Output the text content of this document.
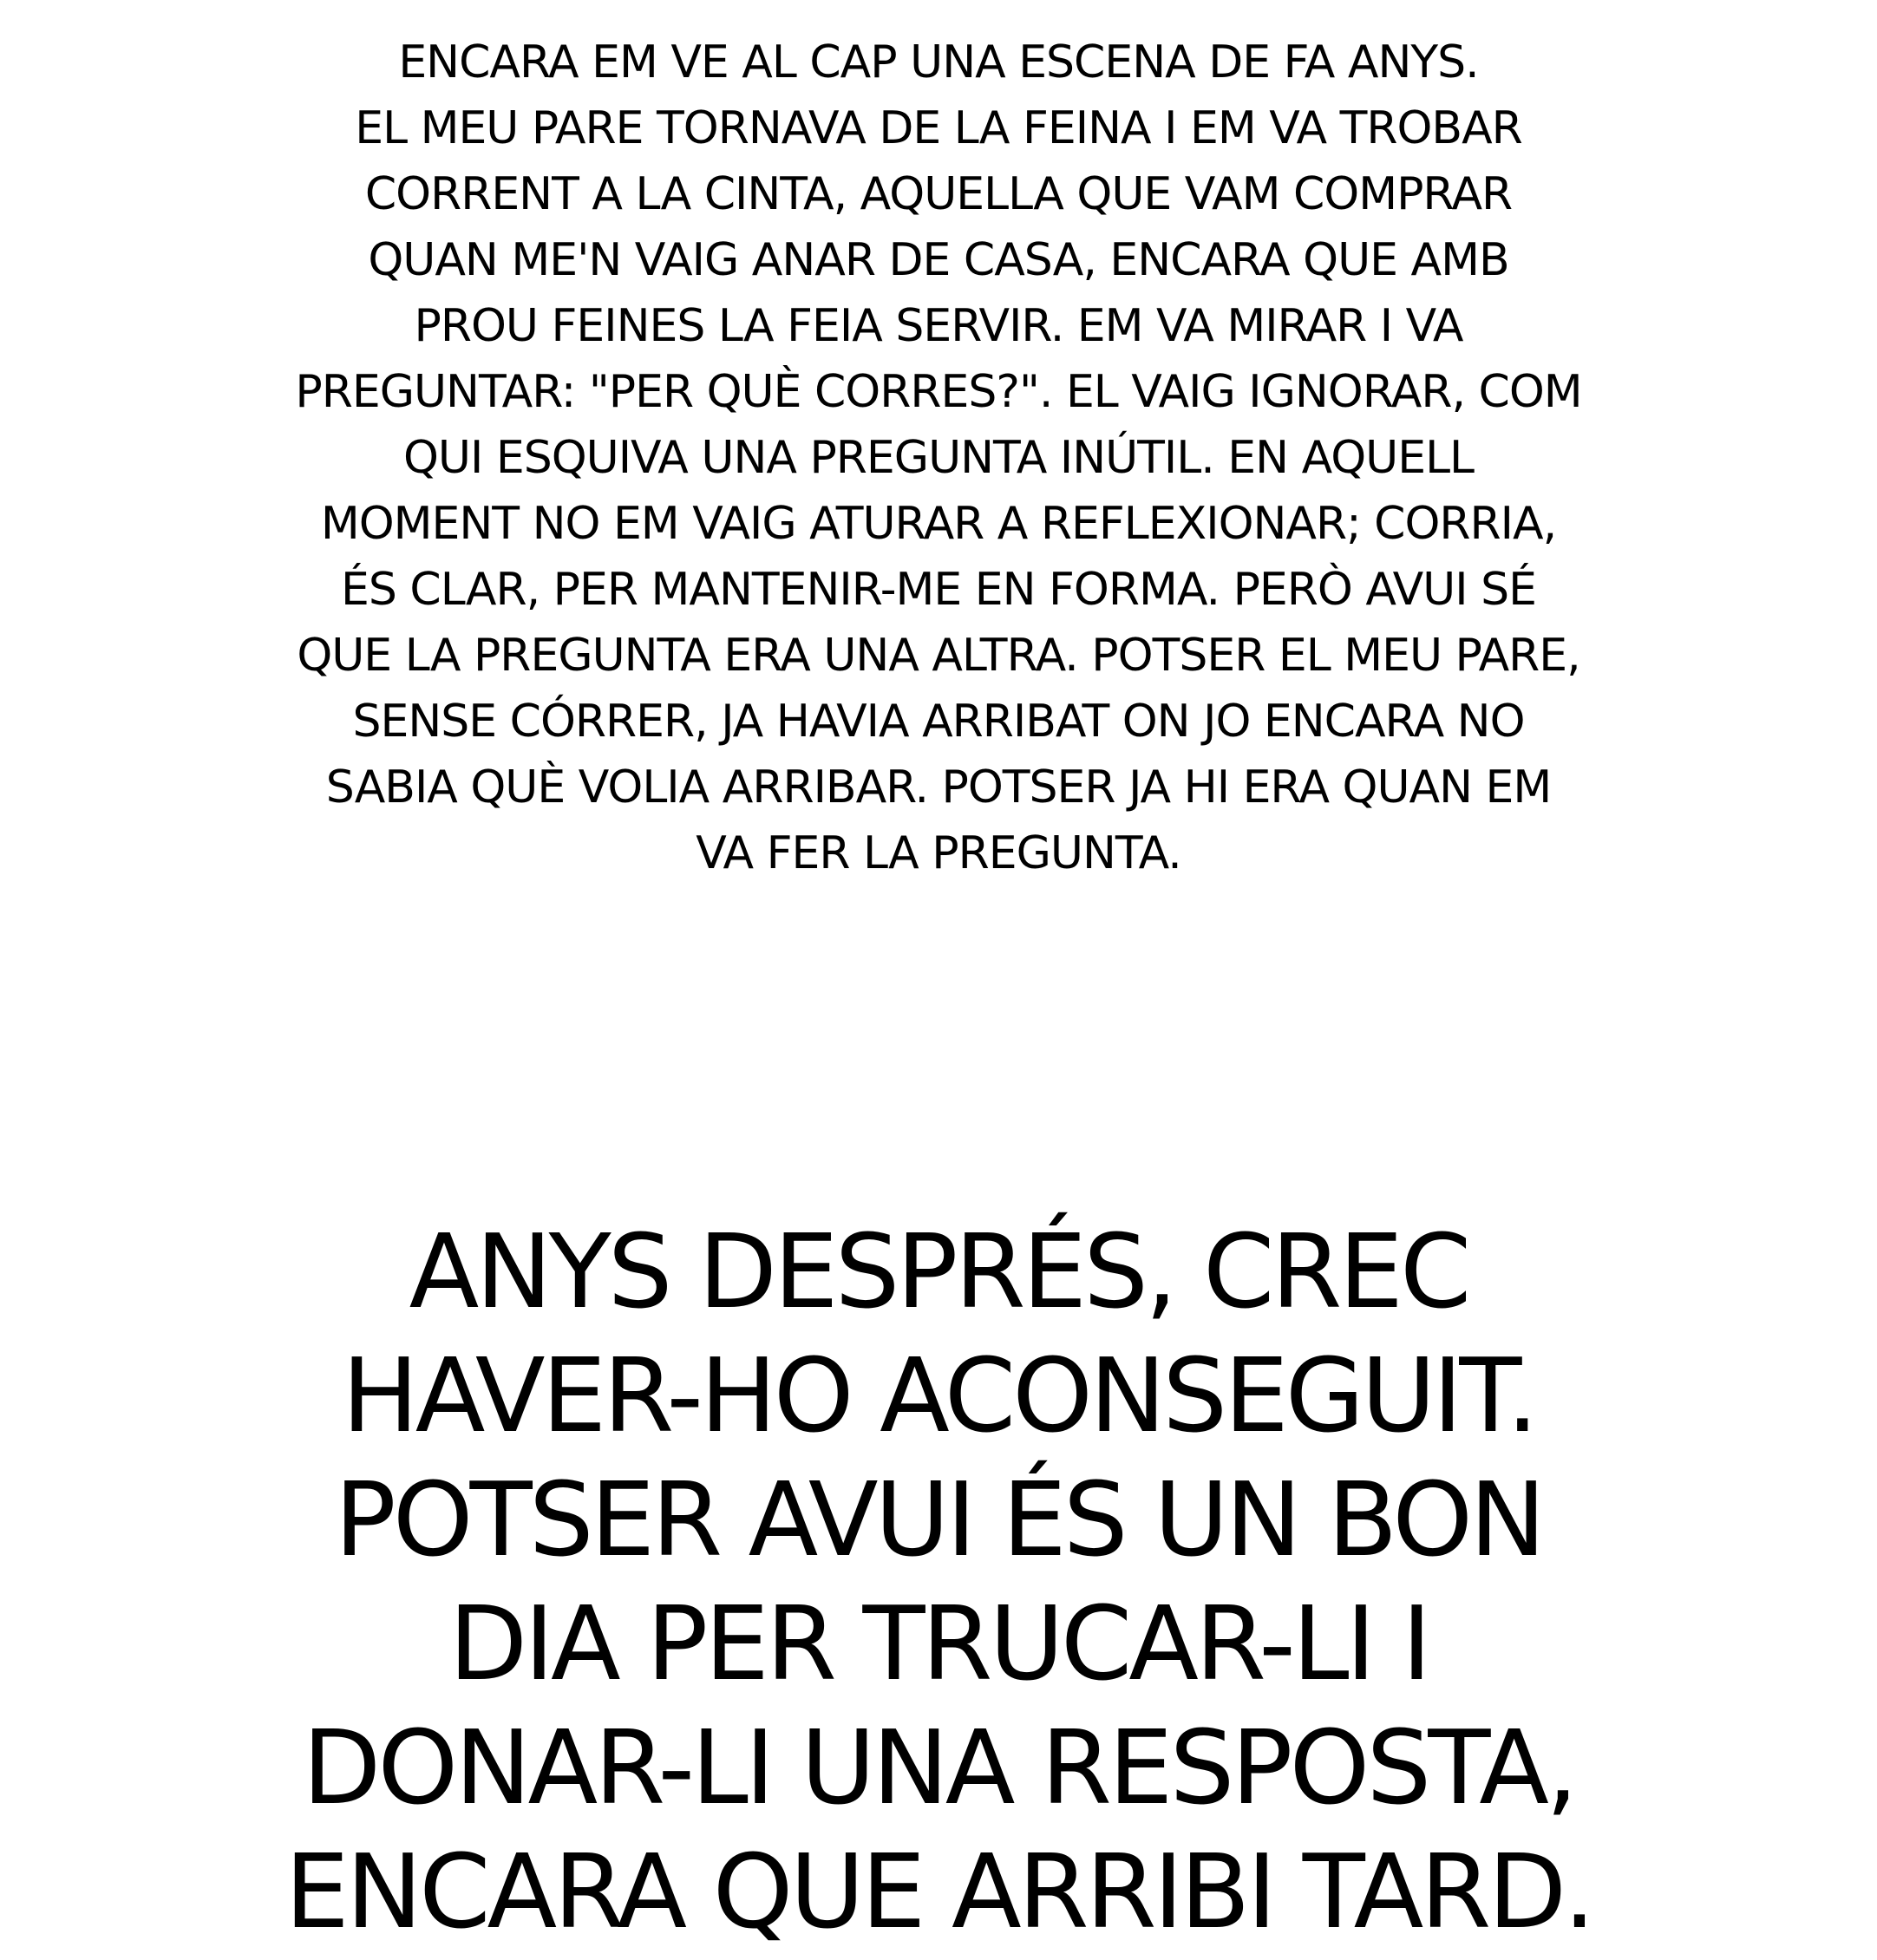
ENCARA EM VE AL CAP UNA ESCENA DE FA ANYS.
EL MEU PARE TORNAVA DE LA FEINA I EM VA TROBAR
CORRENT A LA CINTA, AQUELLA QUE VAM COMPRAR
QUAN ME'N VAIG ANAR DE CASA, ENCARA QUE AMB
PROU FEINES LA FEIA SERVIR. EM VA MIRAR I VA
PREGUNTAR: "PER QUÈ CORRES?". EL VAIG IGNORAR, COM
QUI ESQUIVA UNA PREGUNTA INÚTIL. EN AQUELL
MOMENT NO EM VAIG ATURAR A REFLEXIONAR; CORRIA,
ÉS CLAR, PER MANTENIR-ME EN FORMA. PERÒ AVUI SÉ
QUE LA PREGUNTA ERA UNA ALTRA. POTSER EL MEU PARE,
SENSE CÓRRER, JA HAVIA ARRIBAT ON JO ENCARA NO
SABIA QUÈ VOLIA ARRIBAR. POTSER JA HI ERA QUAN EM
VA FER LA PREGUNTA.

ANYS DESPRÉS, CREC
HAVER-HO ACONSEGUIT.
POTSER AVUI ÉS UN BON
DIA PER TRUCAR-LI I
DONAR-LI UNA RESPOSTA,
ENCARA QUE ARRIBI TARD.
